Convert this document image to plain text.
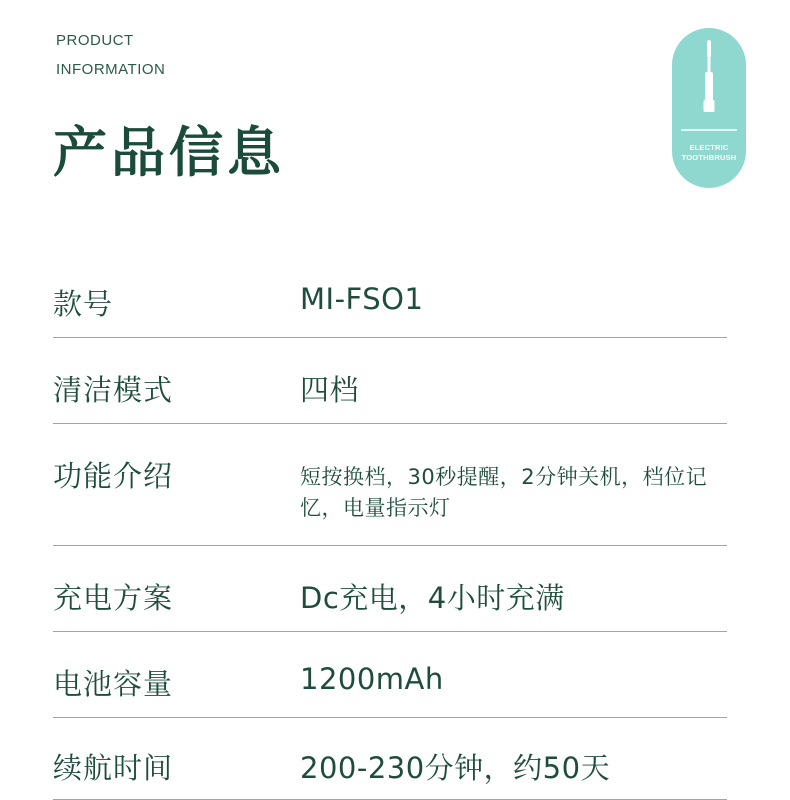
PRODUCT
INFORMATION
产品信息	ELECTRIC
TOOTHBRUSH
款号	MI-FSO1
清洁模式	四档
功能介绍	短按换档，30秒提醒，2分钟关机，档位记忆，电量指示灯
充电方案	Dc充电，4小时充满
电池容量	1200mAh
续航时间	200-230分钟，约50天
